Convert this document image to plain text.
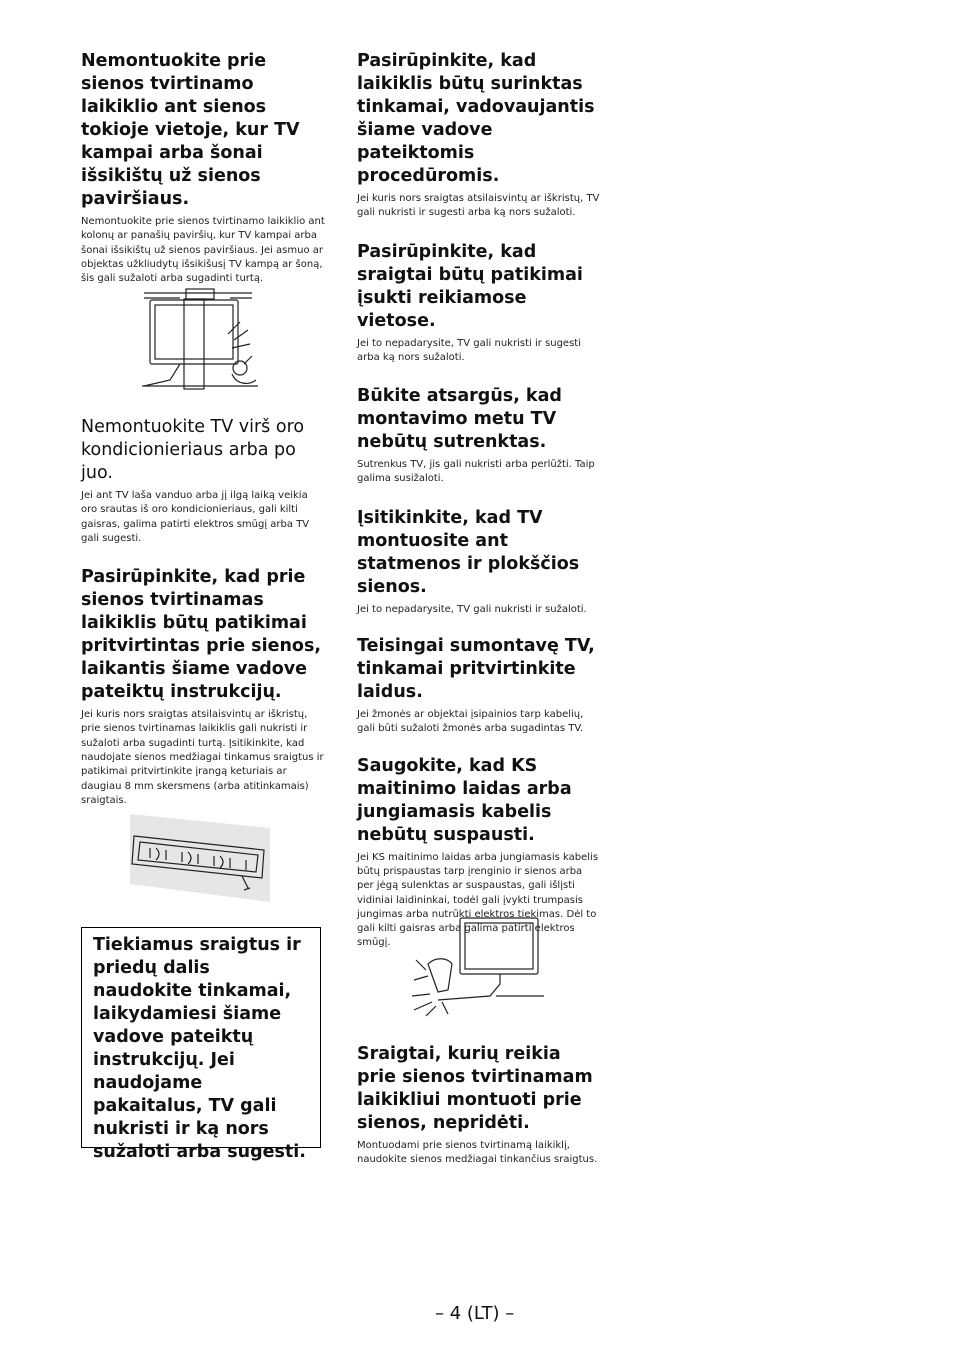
Nemontuokite prie sienos tvirtinamo laikiklio ant sienos tokioje vietoje, kur TV kampai arba šonai išsikištų už sienos paviršiaus.

Nemontuokite prie sienos tvirtinamo laikiklio ant kolonų ar panašių paviršių, kur TV kampai arba šonai išsikištų už sienos paviršiaus. Jei asmuo ar objektas užkliudytų išsikišusį TV kampą ar šoną, šis gali sužaloti arba sugadinti turtą.

Nemontuokite TV virš oro kondicionieriaus arba po juo.

Jei ant TV laša vanduo arba jį ilgą laiką veikia oro srautas iš oro kondicionieriaus, gali kilti gaisras, galima patirti elektros smūgį arba TV gali sugesti.

Pasirūpinkite, kad prie sienos tvirtinamas laikiklis būtų patikimai pritvirtintas prie sienos, laikantis šiame vadove pateiktų instrukcijų.

Jei kuris nors sraigtas atsilaisvintų ar iškristų, prie sienos tvirtinamas laikiklis gali nukristi ir sužaloti arba sugadinti turtą. Įsitikinkite, kad naudojate sienos medžiagai tinkamus sraigtus ir patikimai pritvirtinkite įrangą keturiais ar daugiau 8 mm skersmens (arba atitinkamais) sraigtais.

Tiekiamus sraigtus ir priedų dalis naudokite tinkamai, laikydamiesi šiame vadove pateiktų instrukcijų. Jei naudojame pakaitalus, TV gali nukristi ir ką nors sužaloti arba sugesti.

Pasirūpinkite, kad laikiklis būtų surinktas tinkamai, vadovaujantis šiame vadove pateiktomis procedūromis.

Jei kuris nors sraigtas atsilaisvintų ar iškristų, TV gali nukristi ir sugesti arba ką nors sužaloti.

Pasirūpinkite, kad sraigtai būtų patikimai įsukti reikiamose vietose.

Jei to nepadarysite, TV gali nukristi ir sugesti arba ką nors sužaloti.

Būkite atsargūs, kad montavimo metu TV nebūtų sutrenktas.

Sutrenkus TV, jis gali nukristi arba perlūžti. Taip galima susižaloti.

Įsitikinkite, kad TV montuosite ant statmenos ir plokščios sienos.

Jei to nepadarysite, TV gali nukristi ir sužaloti.

Teisingai sumontavę TV, tinkamai pritvirtinkite laidus.

Jei žmonės ar objektai įsipainios tarp kabelių, gali būti sužaloti žmonės arba sugadintas TV.

Saugokite, kad KS maitinimo laidas arba jungiamasis kabelis nebūtų suspausti.

Jei KS maitinimo laidas arba jungiamasis kabelis būtų prispaustas tarp įrenginio ir sienos arba per jėgą sulenktas ar suspaustas, gali išlįsti vidiniai laidininkai, todėl gali įvykti trumpasis jungimas arba nutrūkti elektros tiekimas. Dėl to gali kilti gaisras arba galima patirti elektros smūgį.

Sraigtai, kurių reikia prie sienos tvirtinamam laikikliui montuoti prie sienos, nepridėti.

Montuodami prie sienos tvirtinamą laikiklį, naudokite sienos medžiagai tinkančius sraigtus.

– 4 (LT) –
